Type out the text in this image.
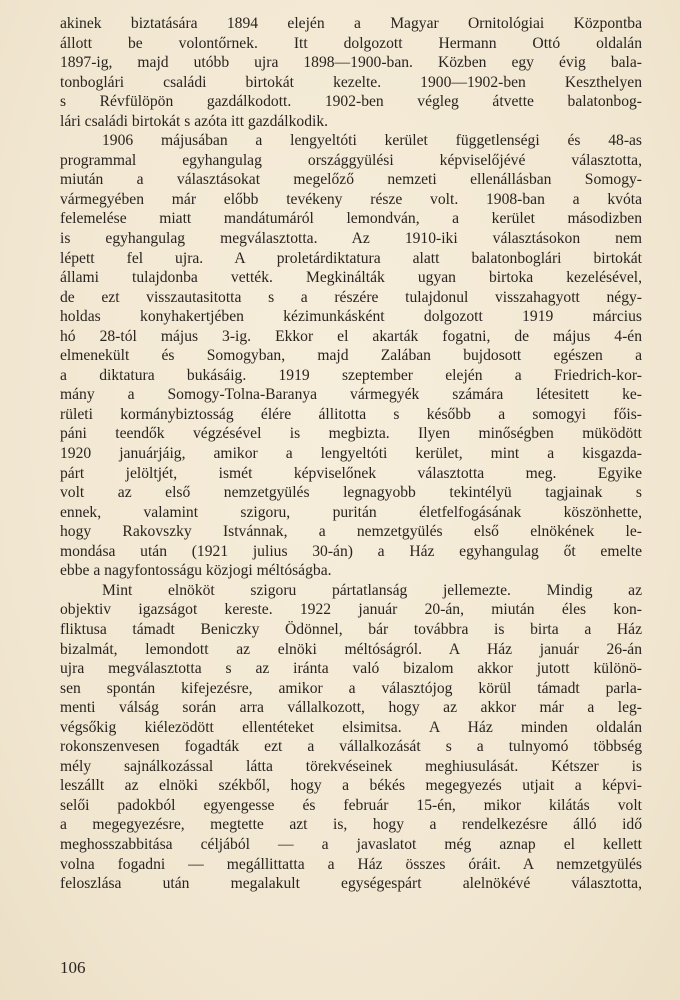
akinek biztatására 1894 elején a Magyar Ornitológiai Központba
állott be volontőrnek. Itt dolgozott Hermann Ottó oldalán
1897-ig, majd utóbb ujra 1898—1900-ban. Közben egy évig bala-
tonboglári családi birtokát kezelte. 1900—1902-ben Keszthelyen
s Révfülöpön gazdálkodott. 1902-ben végleg átvette balatonbog-
lári családi birtokát s azóta itt gazdálkodik.
1906 májusában a lengyeltóti kerület függetlenségi és 48-as
programmal egyhangulag országgyülési képviselőjévé választotta,
miután a választásokat megelőző nemzeti ellenállásban Somogy-
vármegyében már előbb tevékeny része volt. 1908-ban a kvóta
felemelése miatt mandátumáról lemondván, a kerület másodizben
is egyhangulag megválasztotta. Az 1910-iki választásokon nem
lépett fel ujra. A proletárdiktatura alatt balatonboglári birtokát
állami tulajdonba vették. Megkinálták ugyan birtoka kezelésével,
de ezt visszautasitotta s a részére tulajdonul visszahagyott négy-
holdas konyhakertjében kézimunkásként dolgozott 1919 március
hó 28-tól május 3-ig. Ekkor el akarták fogatni, de május 4-én
elmenekült és Somogyban, majd Zalában bujdosott egészen a
a diktatura bukásáig. 1919 szeptember elején a Friedrich-kor-
mány a Somogy-Tolna-Baranya vármegyék számára létesitett ke-
rületi kormánybiztosság élére állitotta s később a somogyi főis-
páni teendők végzésével is megbizta. Ilyen minőségben müködött
1920 januárjáig, amikor a lengyeltóti kerület, mint a kisgazda-
párt jelöltjét, ismét képviselőnek választotta meg. Egyike
volt az első nemzetgyülés legnagyobb tekintélyü tagjainak s
ennek, valamint szigoru, puritán életfelfogásának köszönhette,
hogy Rakovszky Istvánnak, a nemzetgyülés első elnökének le-
mondása után (1921 julius 30-án) a Ház egyhangulag őt emelte
ebbe a nagyfontosságu közjogi méltóságba.
Mint elnököt szigoru pártatlanság jellemezte. Mindig az
objektiv igazságot kereste. 1922 január 20-án, miután éles kon-
fliktusa támadt Beniczky Ödönnel, bár továbbra is birta a Ház
bizalmát, lemondott az elnöki méltóságról. A Ház január 26-án
ujra megválasztotta s az iránta való bizalom akkor jutott különö-
sen spontán kifejezésre, amikor a választójog körül támadt parla-
menti válság során arra vállalkozott, hogy az akkor már a leg-
végsőkig kiélezödött ellentéteket elsimitsa. A Ház minden oldalán
rokonszenvesen fogadták ezt a vállalkozását s a tulnyomó többség
mély sajnálkozással látta törekvéseinek meghiusulását. Kétszer is
leszállt az elnöki székből, hogy a békés megegyezés utjait a képvi-
selői padokból egyengesse és február 15-én, mikor kilátás volt
a megegyezésre, megtette azt is, hogy a rendelkezésre álló idő
meghosszabbitása céljából — a javaslatot még aznap el kellett
volna fogadni — megállittatta a Ház összes óráit. A nemzetgyülés
feloszlása után megalakult egységespárt alelnökévé választotta,
106
